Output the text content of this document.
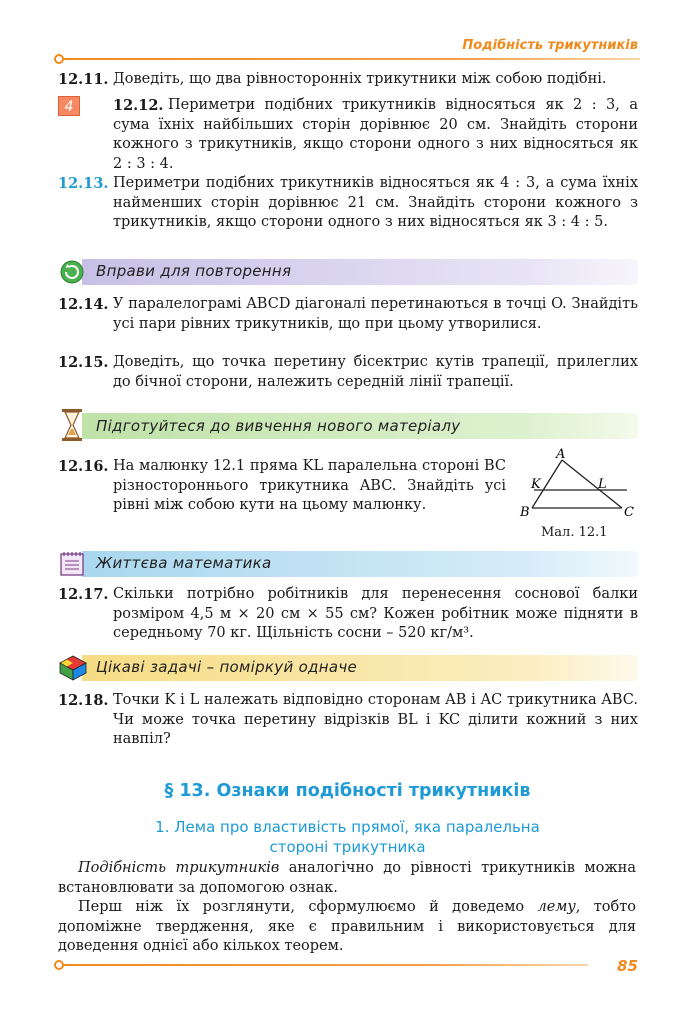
Подібність трикутників
12.11. Доведіть, що два рівносторонніх трикутники між собою подібні.
4	12.12. Периметри подібних трикутників відносяться як 2 : 3, а сума їхніх найбільших сторін дорівнює 20 см. Знайдіть сторони кожного з трикутників, якщо сторони одного з них відносяться як 2 : 3 : 4.
12.13. Периметри подібних трикутників відносяться як 4 : 3, а сума їхніх найменших сторін дорівнює 21 см. Знайдіть сторони кожного з трикутників, якщо сторони одного з них відносяться як 3 : 4 : 5.
Вправи для повторення
12.14. У паралелограмі ABCD діагоналі перетинаються в точці O. Знайдіть усі пари рівних трикутників, що при цьому утворилися.
12.15. Доведіть, що точка перетину бісектрис кутів трапеції, прилеглих до бічної сторони, належить середній лінії трапеції.
Підготуйтеся до вивчення нового матеріалу
12.16. На малюнку 12.1 пряма KL паралельна стороні BC різностороннього трикутника ABC. Знайдіть усі рівні між собою кути на цьому малюнку.
A
K	L
B	C
Мал. 12.1
Життєва математика
12.17. Скільки потрібно робітників для перенесення соснової балки розміром 4,5 м × 20 см × 55 см? Кожен робітник може підняти в середньому 70 кг. Щільність сосни – 520 кг/м³.
Цікаві задачі – поміркуй одначе
12.18. Точки K і L належать відповідно сторонам AB і AC трикутника ABC. Чи може точка перетину відрізків BL і KC ділити кожний з них навпіл?
§ 13. Ознаки подібності трикутників
1. Лема про властивість прямої, яка паралельна
стороні трикутника
Подібність трикутників аналогічно до рівності трикутників можна встановлювати за допомогою ознак.
Перш ніж їх розглянути, сформулюємо й доведемо лему, тобто допоміжне твердження, яке є правильним і використовується для доведення однієї або кількох теорем.
85
